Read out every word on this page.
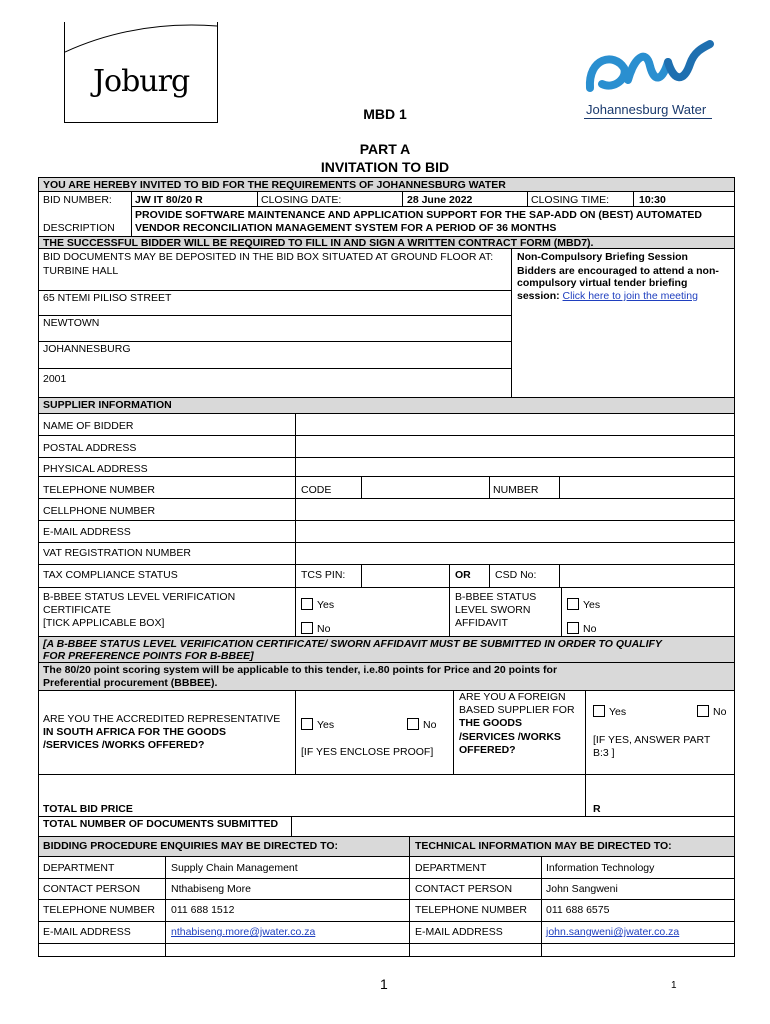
Joburg
Johannesburg Water
MBD 1
PART A
INVITATION TO BID
YOU ARE HEREBY INVITED TO BID FOR THE REQUIREMENTS OF JOHANNESBURG WATER
BID NUMBER: JW IT 80/20 R	CLOSING DATE:	28 June 2022	CLOSING TIME:	10:30
PROVIDE SOFTWARE MAINTENANCE AND APPLICATION SUPPORT FOR THE SAP-ADD ON (BEST) AUTOMATED
DESCRIPTION VENDOR RECONCILIATION MANAGEMENT SYSTEM FOR A PERIOD OF 36 MONTHS
THE SUCCESSFUL BIDDER WILL BE REQUIRED TO FILL IN AND SIGN A WRITTEN CONTRACT FORM (MBD7).
BID DOCUMENTS MAY BE DEPOSITED IN THE BID BOX SITUATED AT GROUND FLOOR AT:
TURBINE HALL
65 NTEMI PILISO STREET
NEWTOWN
JOHANNESBURG
2001
Non-Compulsory Briefing Session
Bidders are encouraged to attend a non-
compulsory virtual tender briefing
session: Click here to join the meeting
SUPPLIER INFORMATION
NAME OF BIDDER
POSTAL ADDRESS
PHYSICAL ADDRESS
TELEPHONE NUMBER	CODE	NUMBER
CELLPHONE NUMBER
E-MAIL ADDRESS
VAT REGISTRATION NUMBER
TAX COMPLIANCE STATUS	TCS PIN:	OR CSD No:
B-BBEE STATUS LEVEL VERIFICATION
CERTIFICATE
[TICK APPLICABLE BOX]
Yes
No
B-BBEE STATUS
LEVEL SWORN
AFFIDAVIT
Yes
No
[A B-BBEE STATUS LEVEL VERIFICATION CERTIFICATE/ SWORN AFFIDAVIT MUST BE SUBMITTED IN ORDER TO QUALIFY
FOR PREFERENCE POINTS FOR B-BBEE]
The 80/20 point scoring system will be applicable to this tender, i.e.80 points for Price and 20 points for
Preferential procurement (BBBEE).
ARE YOU THE ACCREDITED REPRESENTATIVE
IN SOUTH AFRICA FOR THE GOODS
/SERVICES /WORKS OFFERED?
Yes	No
[IF YES ENCLOSE PROOF]
ARE YOU A FOREIGN
BASED SUPPLIER FOR
THE GOODS
/SERVICES /WORKS
OFFERED?
Yes	No
[IF YES, ANSWER PART
B:3 ]
TOTAL BID PRICE	R
TOTAL NUMBER OF DOCUMENTS SUBMITTED
BIDDING PROCEDURE ENQUIRIES MAY BE DIRECTED TO:	TECHNICAL INFORMATION MAY BE DIRECTED TO:
DEPARTMENT	Supply Chain Management	DEPARTMENT	Information Technology
CONTACT PERSON	Nthabiseng More	CONTACT PERSON	John Sangweni
TELEPHONE NUMBER 011 688 1512	TELEPHONE NUMBER 011 688 6575
E-MAIL ADDRESS	nthabiseng.more@jwater.co.za	E-MAIL ADDRESS	john.sangweni@jwater.co.za
1	1
